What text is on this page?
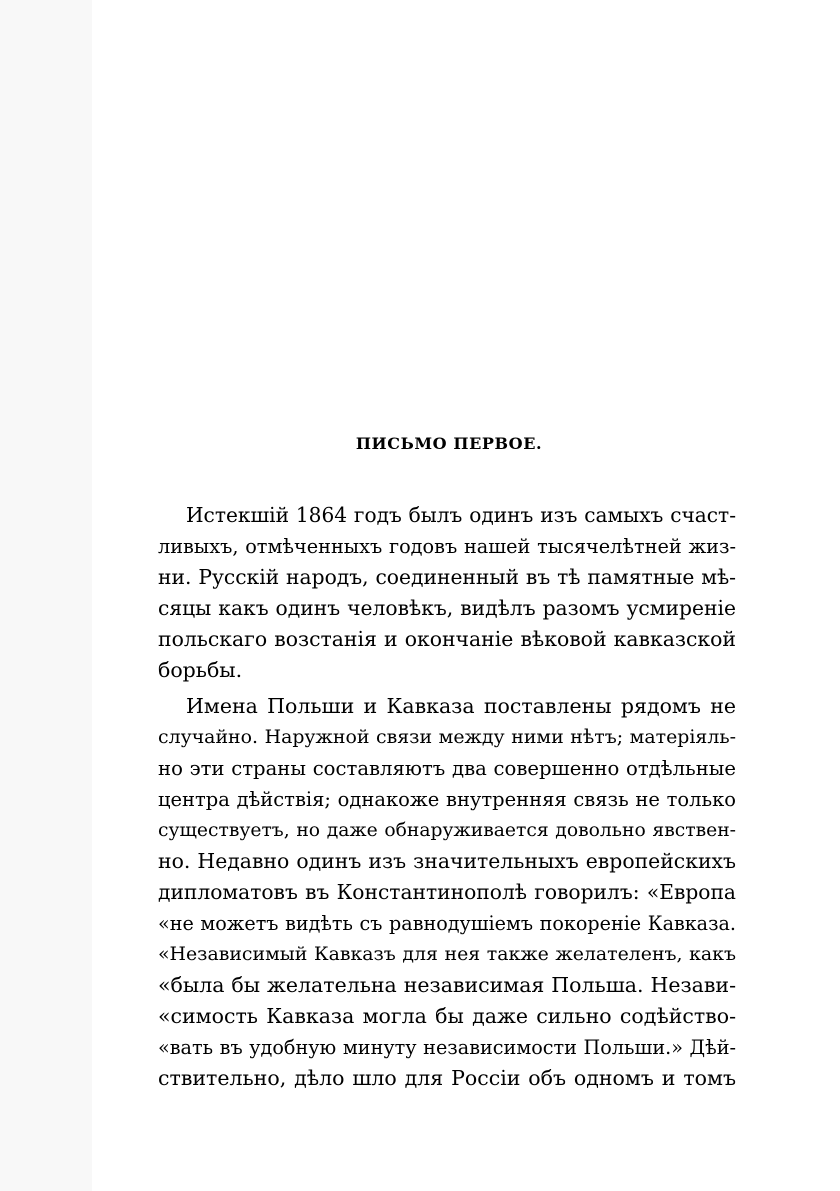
ПИСЬМО ПЕРВОЕ.
Истекшій 1864 годъ былъ одинъ изъ самыхъ счаст-
ливыхъ, отмѣченныхъ годовъ нашей тысячелѣтней жиз-
ни. Русскій народъ, соединенный въ тѣ памятные мѣ-
сяцы какъ одинъ человѣкъ, видѣлъ разомъ усмиреніе
польскаго возстанія и окончаніе вѣковой кавказской
борьбы.
Имена Польши и Кавказа поставлены рядомъ не
случайно. Наружной связи между ними нѣтъ; матеріяль-
но эти страны составляютъ два совершенно отдѣльные
центра дѣйствія; однакоже внутренняя связь не только
существуетъ, но даже обнаруживается довольно явствен-
но. Недавно одинъ изъ значительныхъ европейскихъ
дипломатовъ въ Константинополѣ говорилъ: «Европа
«не можетъ видѣть съ равнодушіемъ покореніе Кавказа.
«Независимый Кавказъ для нея также желателенъ, какъ
«была бы желательна независимая Польша. Незави-
«симость Кавказа могла бы даже сильно содѣйство-
«вать въ удобную минуту независимости Польши.» Дѣй-
ствительно, дѣло шло для Россіи объ одномъ и томъ
